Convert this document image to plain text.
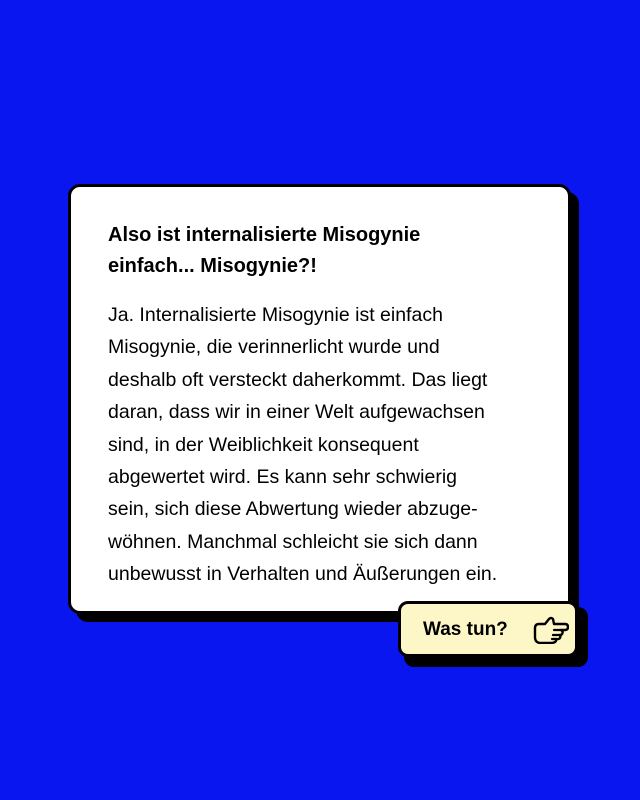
Also ist internalisierte Misogynie
einfach... Misogynie?!

Ja. Internalisierte Misogynie ist einfach
Misogynie, die verinnerlicht wurde und
deshalb oft versteckt daherkommt. Das liegt
daran, dass wir in einer Welt aufgewachsen
sind, in der Weiblichkeit konsequent
abgewertet wird. Es kann sehr schwierig
sein, sich diese Abwertung wieder abzuge-
wöhnen. Manchmal schleicht sie sich dann
unbewusst in Verhalten und Äußerungen ein.

Was tun?
